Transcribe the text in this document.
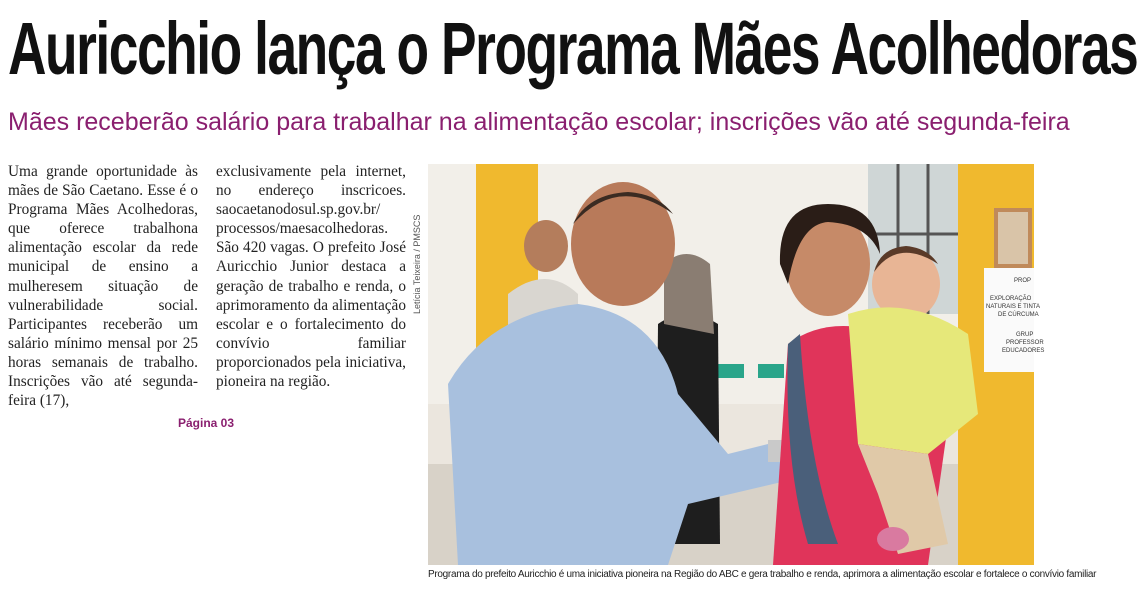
Auricchio lança o Programa Mães Acolhedoras
Mães receberão salário para trabalhar na alimentação escolar; inscrições vão até segunda-feira
Uma grande oportunidade às mães de São Caetano. Esse é o Programa Mães Acolhedoras, que oferece trabalhona alimentação escolar da rede municipal de ensino a mulheresem situação de vulnerabilidade social. Participantes receberão um salário mínimo mensal por 25 horas semanais de trabalho. Inscrições vão até segunda-feira (17),
exclusivamente pela internet, no endereço inscricoes. saocaetanodosul.sp.gov.br/ processos/maesacolhedoras. São 420 vagas. O prefeito José Auricchio Junior destaca a geração de trabalho e renda, o aprimoramento da alimentação escolar e o fortalecimento do convívio familiar proporcionados pela iniciativa, pioneira na região.
Página 03
Letícia Teixeira / PMSCS	PROP
EXPLORAÇÃO
NATURAIS E TINTA
DE CÚRCUMA
GRUP
PROFESSOR
EDUCADORES
Programa do prefeito Auricchio é uma iniciativa pioneira na Região do ABC e gera trabalho e renda, aprimora a alimentação escolar e fortalece o convívio familiar
